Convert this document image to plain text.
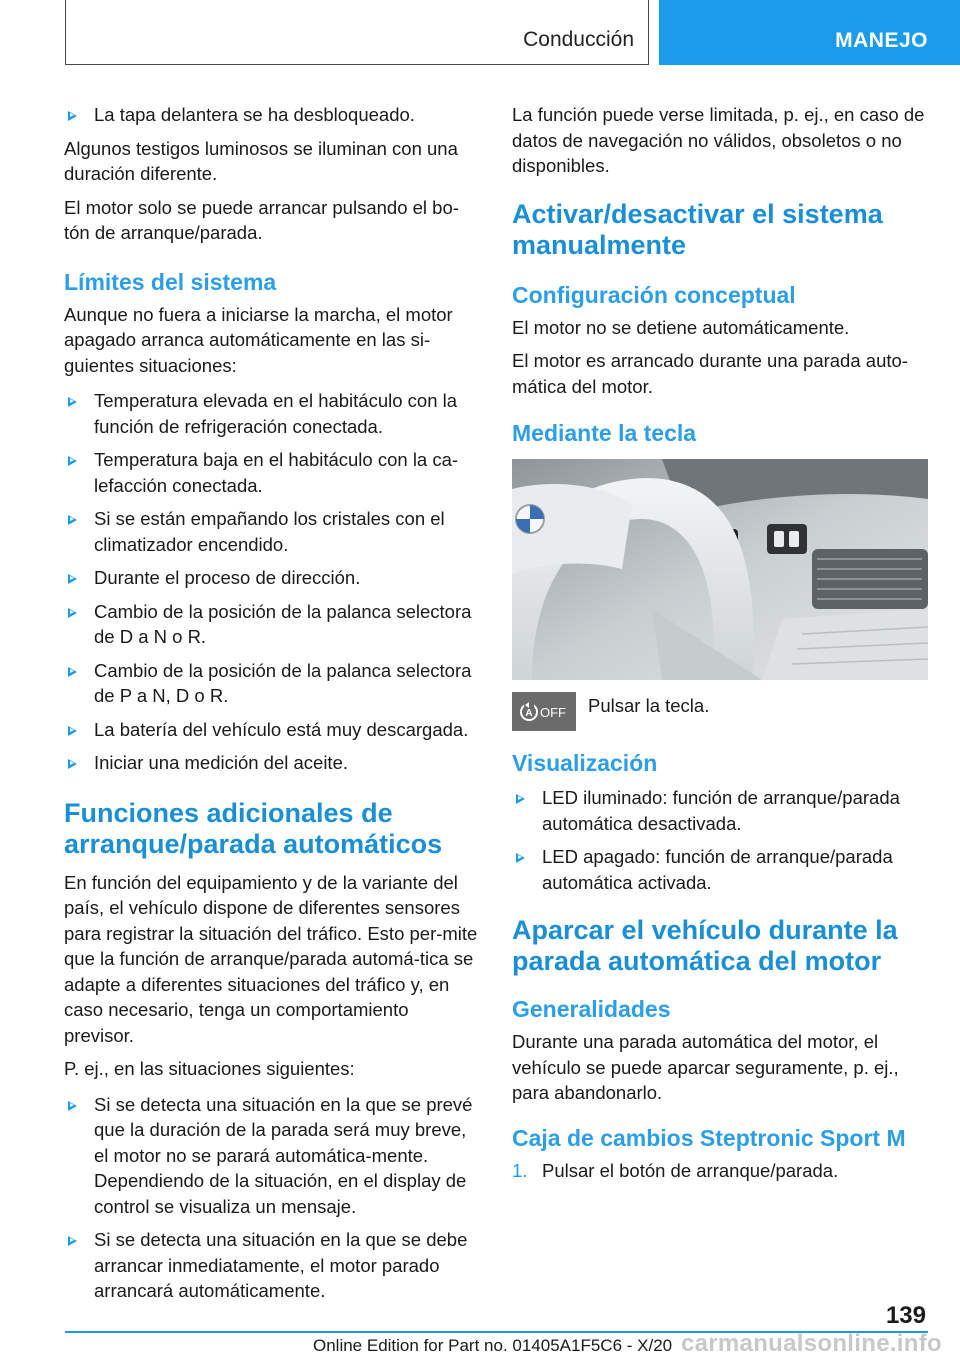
Conducción	MANEJO
La tapa delantera se ha desbloqueado.

Algunos testigos luminosos se iluminan con una duración diferente.

El motor solo se puede arrancar pulsando el bo‐tón de arranque/parada.

Límites del sistema

Aunque no fuera a iniciarse la marcha, el motor apagado arranca automáticamente en las si‐guientes situaciones:

Temperatura elevada en el habitáculo con la función de refrigeración conectada.
Temperatura baja en el habitáculo con la ca‐lefacción conectada.
Si se están empañando los cristales con el climatizador encendido.
Durante el proceso de dirección.
Cambio de la posición de la palanca selectora de D a N o R.
Cambio de la posición de la palanca selectora de P a N, D o R.
La batería del vehículo está muy descargada.
Iniciar una medición del aceite.
Funciones adicionales de arranque/parada automáticos

En función del equipamiento y de la variante del país, el vehículo dispone de diferentes sensores para registrar la situación del tráfico. Esto per‐mite que la función de arranque/parada automá‐tica se adapte a diferentes situaciones del tráfico y, en caso necesario, tenga un comportamiento previsor.

P. ej., en las situaciones siguientes:

Si se detecta una situación en la que se prevé que la duración de la parada será muy breve, el motor no se parará automática‐mente. Dependiendo de la situación, en el display de control se visualiza un mensaje.
Si se detecta una situación en la que se debe arrancar inmediatamente, el motor parado arrancará automáticamente.

La función puede verse limitada, p. ej., en caso de datos de navegación no válidos, obsoletos o no disponibles.

Activar/desactivar el sistema manualmente
Configuración conceptual

El motor no se detiene automáticamente.

El motor es arrancado durante una parada auto‐mática del motor.

Mediante la tecla
A OFF Pulsar la tecla.
Visualización
LED iluminado: función de arranque/parada automática desactivada.
LED apagado: función de arranque/parada automática activada.
Aparcar el vehículo durante la parada automática del motor
Generalidades

Durante una parada automática del motor, el vehículo se puede aparcar seguramente, p. ej., para abandonarlo.

Caja de cambios Steptronic Sport M
1. Pulsar el botón de arranque/parada.
139
Online Edition for Part no. 01405A1F5C6 - X/20 carmanualsonline.info
